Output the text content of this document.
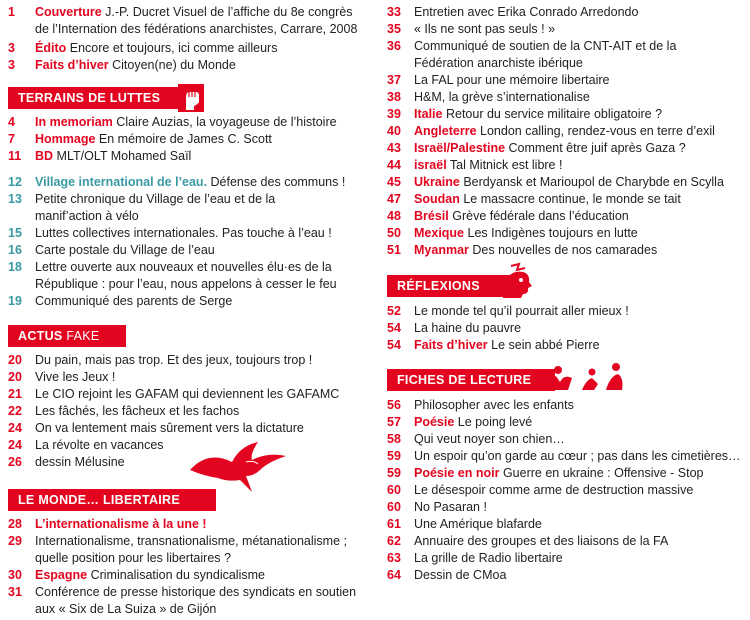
1	Couverture J.-P. Ducret Visuel de l’affiche du 8e congrès de l’Internation des fédérations anarchistes, Carrare, 2008
3	Édito Encore et toujours, ici comme ailleurs
3	Faits d’hiver Citoyen(ne) du Monde
TERRAINS DE LUTTES
4	In memoriam Claire Auzias, la voyageuse de l’histoire
7	Hommage En mémoire de James C. Scott
11	BD MLT/OLT Mohamed Saïl
12	Village international de l’eau. Défense des communs !
13	Petite chronique du Village de l’eau et de la manif’action à vélo
15	Luttes collectives internationales. Pas touche à l’eau !
16	Carte postale du Village de l’eau
18	Lettre ouverte aux nouveaux et nouvelles élu·es de la République : pour l’eau, nous appelons à cesser le feu
19	Communiqué des parents de Serge
ACTUS FAKE OFF
20	Du pain, mais pas trop. Et des jeux, toujours trop !
20	Vive les Jeux !
21	Le CIO rejoint les GAFAM qui deviennent les GAFAMC
22	Les fâchés, les fâcheux et les fachos
24	On va lentement mais sûrement vers la dictature
24	La révolte en vacances
26	dessin Mélusine
LE MONDE… LIBERTAIRE
28	L’internationalisme à la une !
29	Internationalisme, transnationalisme, métanationalisme ; quelle position pour les libertaires ?
30	Espagne Criminalisation du syndicalisme
31	Conférence de presse historique des syndicats en soutien aux « Six de La Suiza » de Gijón
33	Entretien avec Erika Conrado Arredondo
35	« Ils ne sont pas seuls ! »
36	Communiqué de soutien de la CNT-AIT et de la Fédération anarchiste ibérique
37	La FAL pour une mémoire libertaire
38	H&M, la grève s’internationalise
39	Italie Retour du service militaire obligatoire ?
40	Angleterre London calling, rendez-vous en terre d’exil
43	Israël/Palestine Comment être juif après Gaza ?
44	israël Tal Mitnick est libre !
45	Ukraine Berdyansk et Marioupol de Charybde en Scylla
47	Soudan Le massacre continue, le monde se tait
48	Brésil Grève fédérale dans l’éducation
50	Mexique Les Indigènes toujours en lutte
51	Myanmar Des nouvelles de nos camarades
RÉFLEXIONS
52	Le monde tel qu’il pourrait aller mieux !
54	La haine du pauvre
54	Faits d’hiver Le sein abbé Pierre
FICHES DE LECTURE
56	Philosopher avec les enfants
57	Poésie Le poing levé
58	Qui veut noyer son chien…
59	Un espoir qu’on garde au cœur ; pas dans les cimetières…
59	Poésie en noir Guerre en ukraine : Offensive - Stop
60	Le désespoir comme arme de destruction massive
60	No Pasaran !
61	Une Amérique blafarde
62	Annuaire des groupes et des liaisons de la FA
63	La grille de Radio libertaire
64	Dessin de CMoa
